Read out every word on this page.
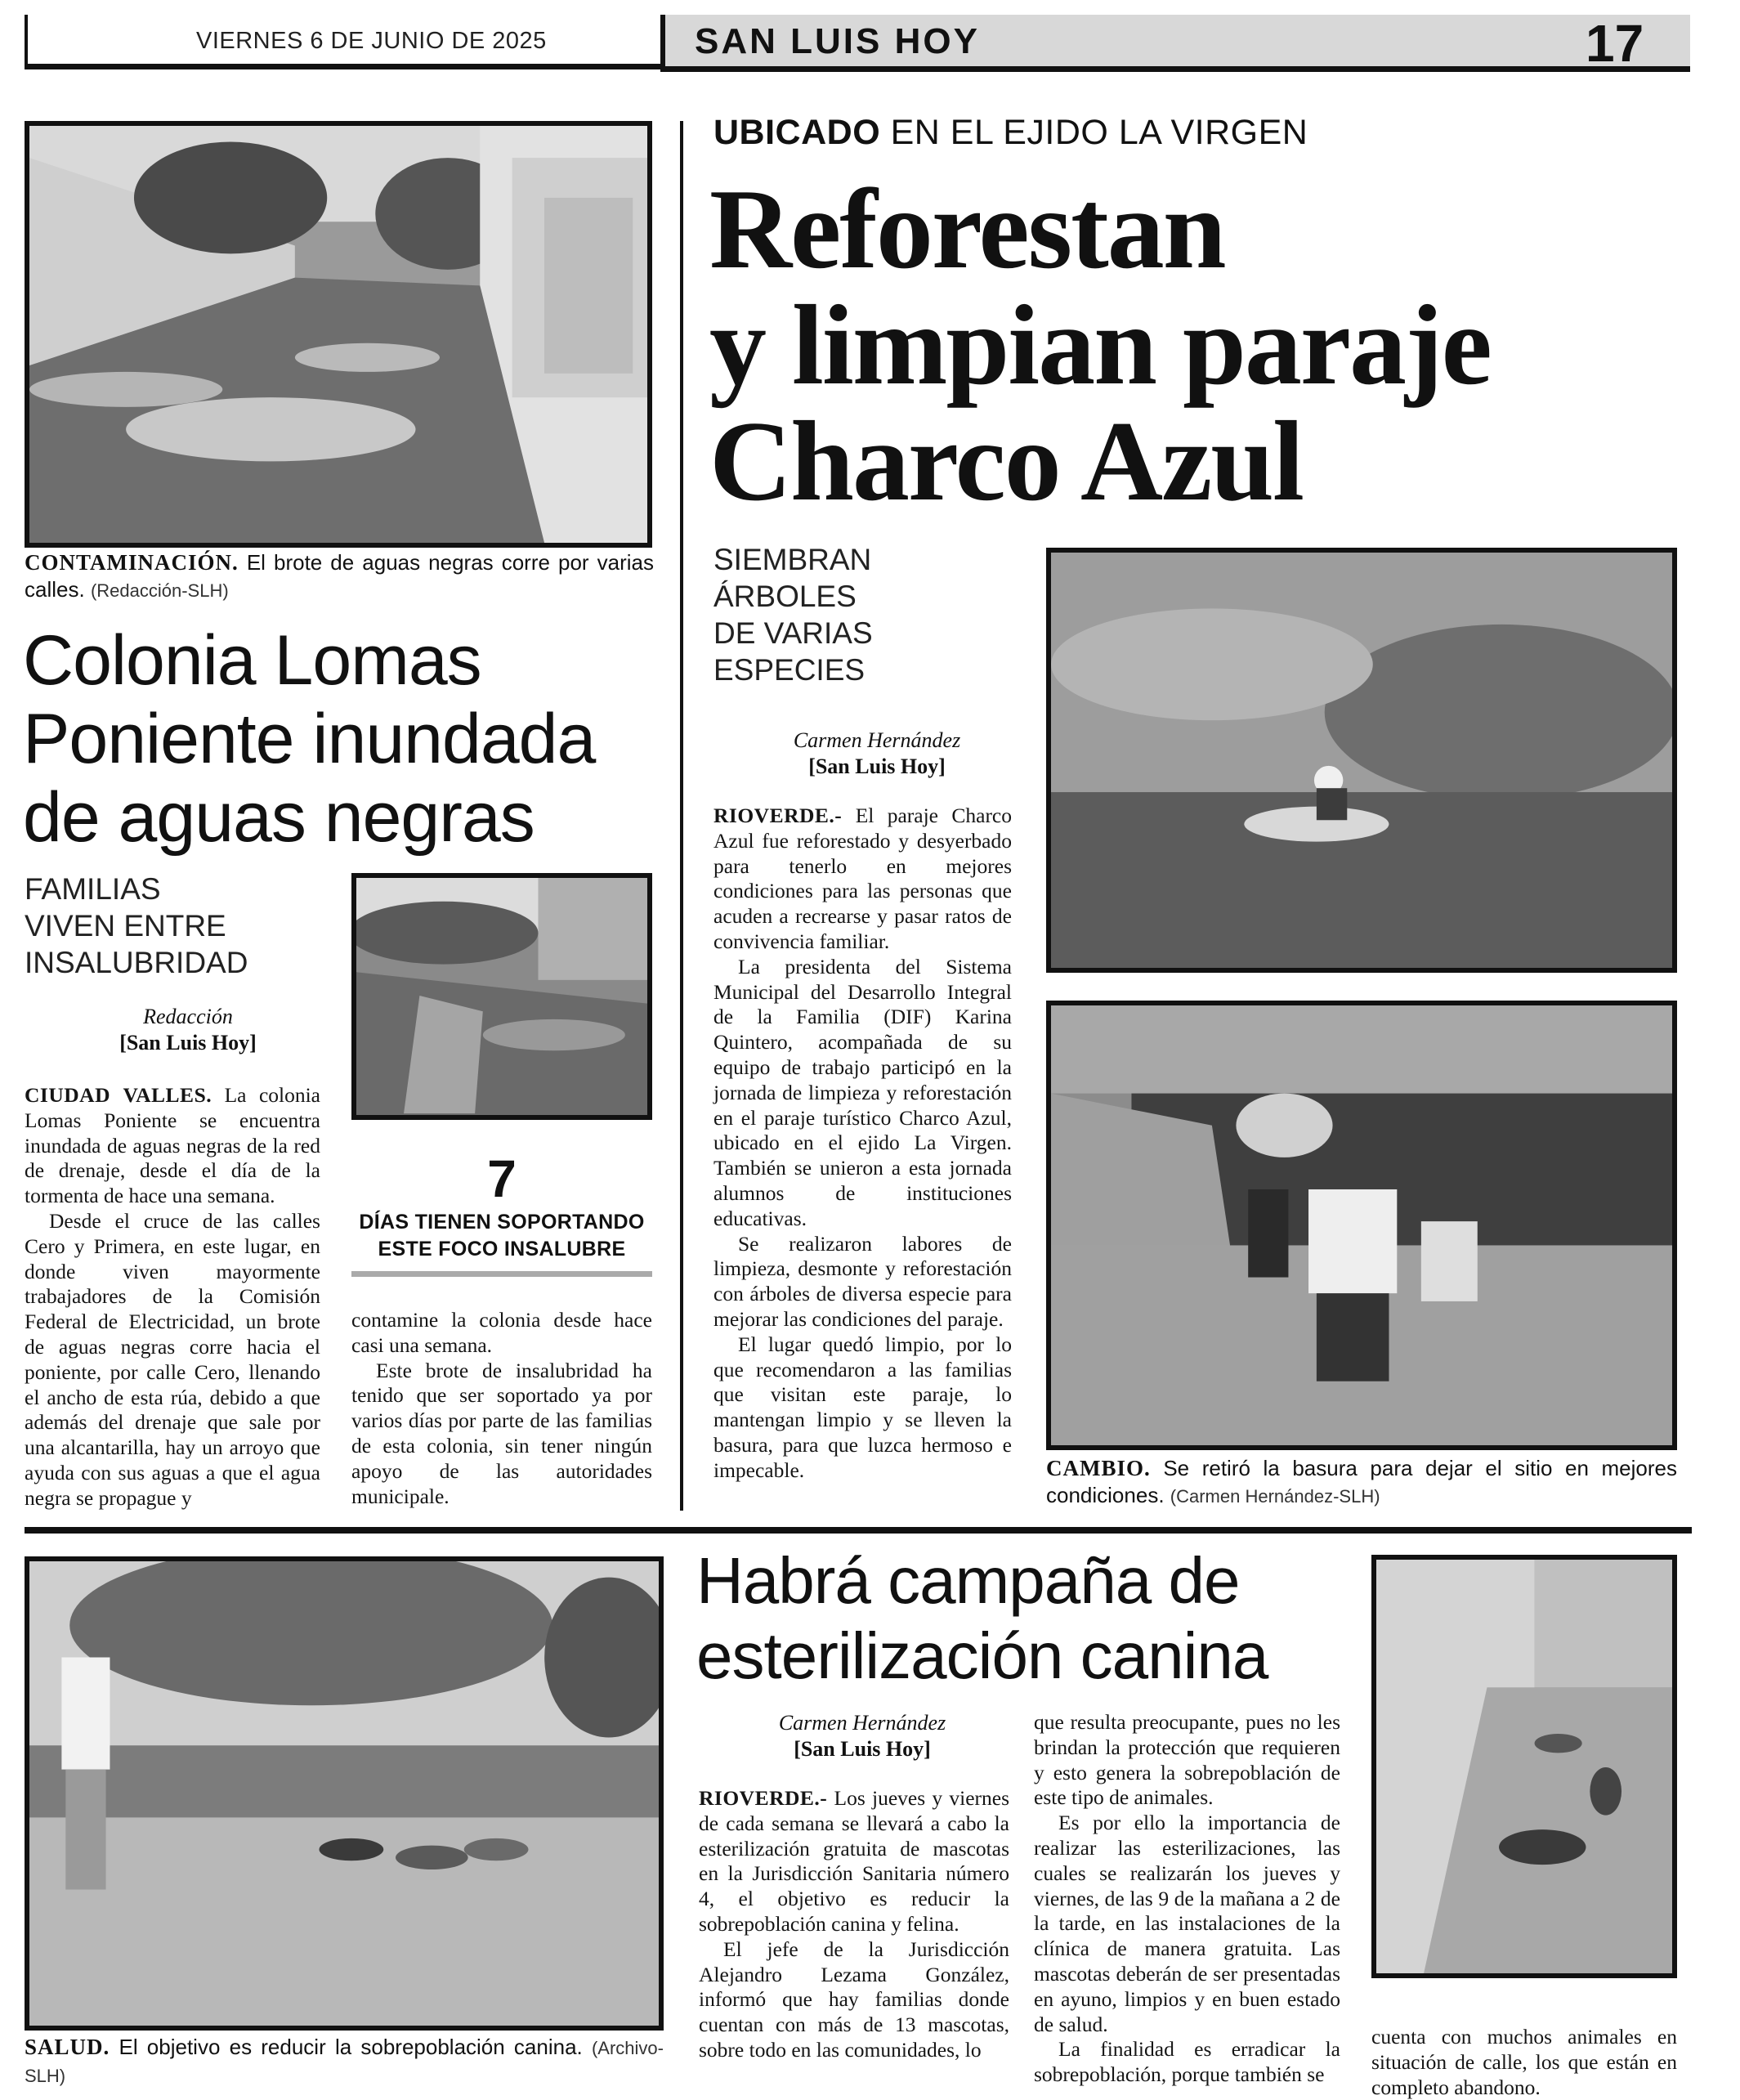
VIERNES 6 DE JUNIO DE 2025	SAN LUIS HOY	17
CONTAMINACIÓN. El brote de aguas negras corre por varias calles. (Redacción-SLH)
Colonia Lomas
Poniente inundada
de aguas negras
FAMILIAS
VIVEN ENTRE
INSALUBRIDAD
Redacción
[San Luis Hoy]

CIUDAD VALLES. La colonia Lomas Poniente se encuentra inundada de aguas negras de la red de drenaje, desde el día de la tormenta de hace una semana.

Desde el cruce de las calles Cero y Primera, en este lugar, en donde viven mayormente trabajadores de la Comisión Federal de Electricidad, un brote de aguas negras corre hacia el poniente, por calle Cero, llenando el ancho de esta rúa, debido a que además del drenaje que sale por una alcantarilla, hay un arroyo que ayuda con sus aguas a que el agua negra se propague y

7
DÍAS TIENEN SOPORTANDO
ESTE FOCO INSALUBRE

contamine la colonia desde hace casi una semana.

Este brote de insalubridad ha tenido que ser soportado ya por varios días por parte de las familias de esta colonia, sin tener ningún apoyo de las autoridades municipale.

UBICADO EN EL EJIDO LA VIRGEN
Reforestan
y limpian paraje
Charco Azul
SIEMBRAN
ÁRBOLES
DE VARIAS
ESPECIES
Carmen Hernández
[San Luis Hoy]

RIOVERDE.- El paraje Charco Azul fue reforestado y desyerbado para tenerlo en mejores condiciones para las personas que acuden a recrearse y pasar ratos de convivencia familiar.

La presidenta del Sistema Municipal del Desarrollo Integral de la Familia (DIF) Karina Quintero, acompañada de su equipo de trabajo participó en la jornada de limpieza y reforestación en el paraje turístico Charco Azul, ubicado en el ejido La Virgen. También se unieron a esta jornada alumnos de instituciones educativas.

Se realizaron labores de limpieza, desmonte y reforestación con árboles de diversa especie para mejorar las condiciones del paraje.

El lugar quedó limpio, por lo que recomendaron a las familias que visitan este paraje, lo mantengan limpio y se lleven la basura, para que luzca hermoso e impecable.	CAMBIO. Se retiró la basura para dejar el sitio en mejores condiciones. (Carmen Hernández-SLH)
SALUD. El objetivo es reducir la sobrepoblación canina. (Archivo-SLH)
Habrá campaña de
esterilización canina
Carmen Hernández
[San Luis Hoy]

RIOVERDE.- Los jueves y viernes de cada semana se llevará a cabo la esterilización gratuita de mascotas en la Jurisdicción Sanitaria número 4, el objetivo es reducir la sobrepoblación canina y felina.

El jefe de la Jurisdicción Alejandro Lezama González, informó que hay familias donde cuentan con más de 13 mascotas, sobre todo en las comunidades, lo

que resulta preocupante, pues no les brindan la protección que requieren y esto genera la sobrepoblación de este tipo de animales.

Es por ello la importancia de realizar las esterilizaciones, las cuales se realizarán los jueves y viernes, de las 9 de la mañana a 2 de la tarde, en las instalaciones de la clínica de manera gratuita. Las mascotas deberán de ser presentadas en ayuno, limpios y en buen estado de salud.

La finalidad es erradicar la sobrepoblación, porque también se

cuenta con muchos animales en situación de calle, los que están en completo abandono.
